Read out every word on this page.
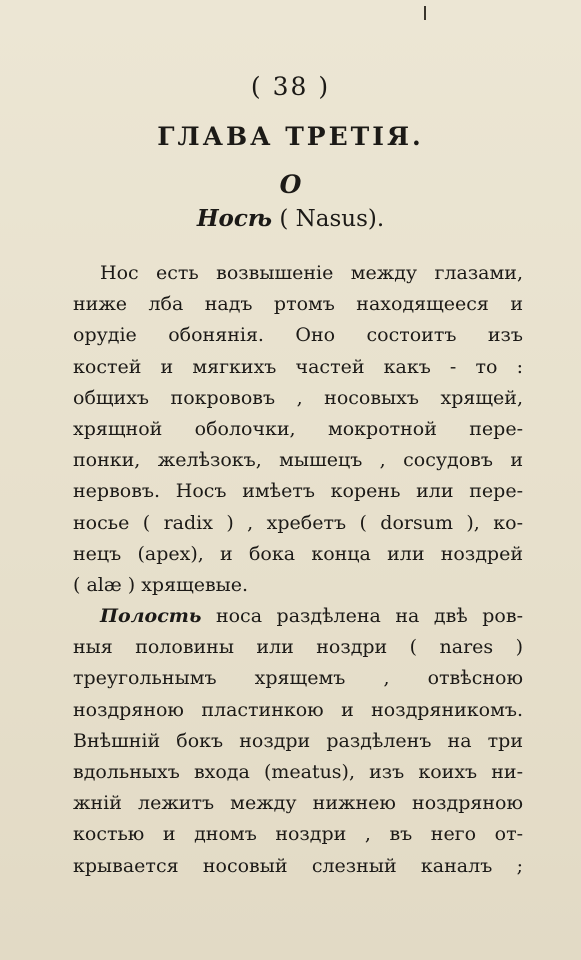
( 38 )
ГЛАВА ТРЕТІЯ.
О
Носѣ ( Nasus).
Нос есть возвышенiе между глазами,
ниже лба надъ ртомъ находящееся и
орудiе обонянiя. Оно состоитъ изъ
костей и мягкихъ частей какъ - то :
общихъ покрововъ , носовыхъ хрящей,
хрящной оболочки, мокротной пере-
понки, желѣзокъ, мышецъ , сосудовъ и
нервовъ. Носъ имѣетъ корень или пере-
носье ( radix ) , хребетъ ( dorsum ), ко-
нецъ (apex), и бока конца или ноздрей
( alæ ) хрящевые.
Полость носа раздѣлена на двѣ ров-
ныя половины или ноздри ( nares )
треугольнымъ хрящемъ , отвѣсною
ноздряною пластинкою и ноздряникомъ.
Внѣшнiй бокъ ноздри раздѣленъ на три
вдольныхъ входа (meatus), изъ коихъ ни-
жнiй лежитъ между нижнею ноздряною
костью и дномъ ноздри , въ него от-
крывается носовый слезный каналъ ;
